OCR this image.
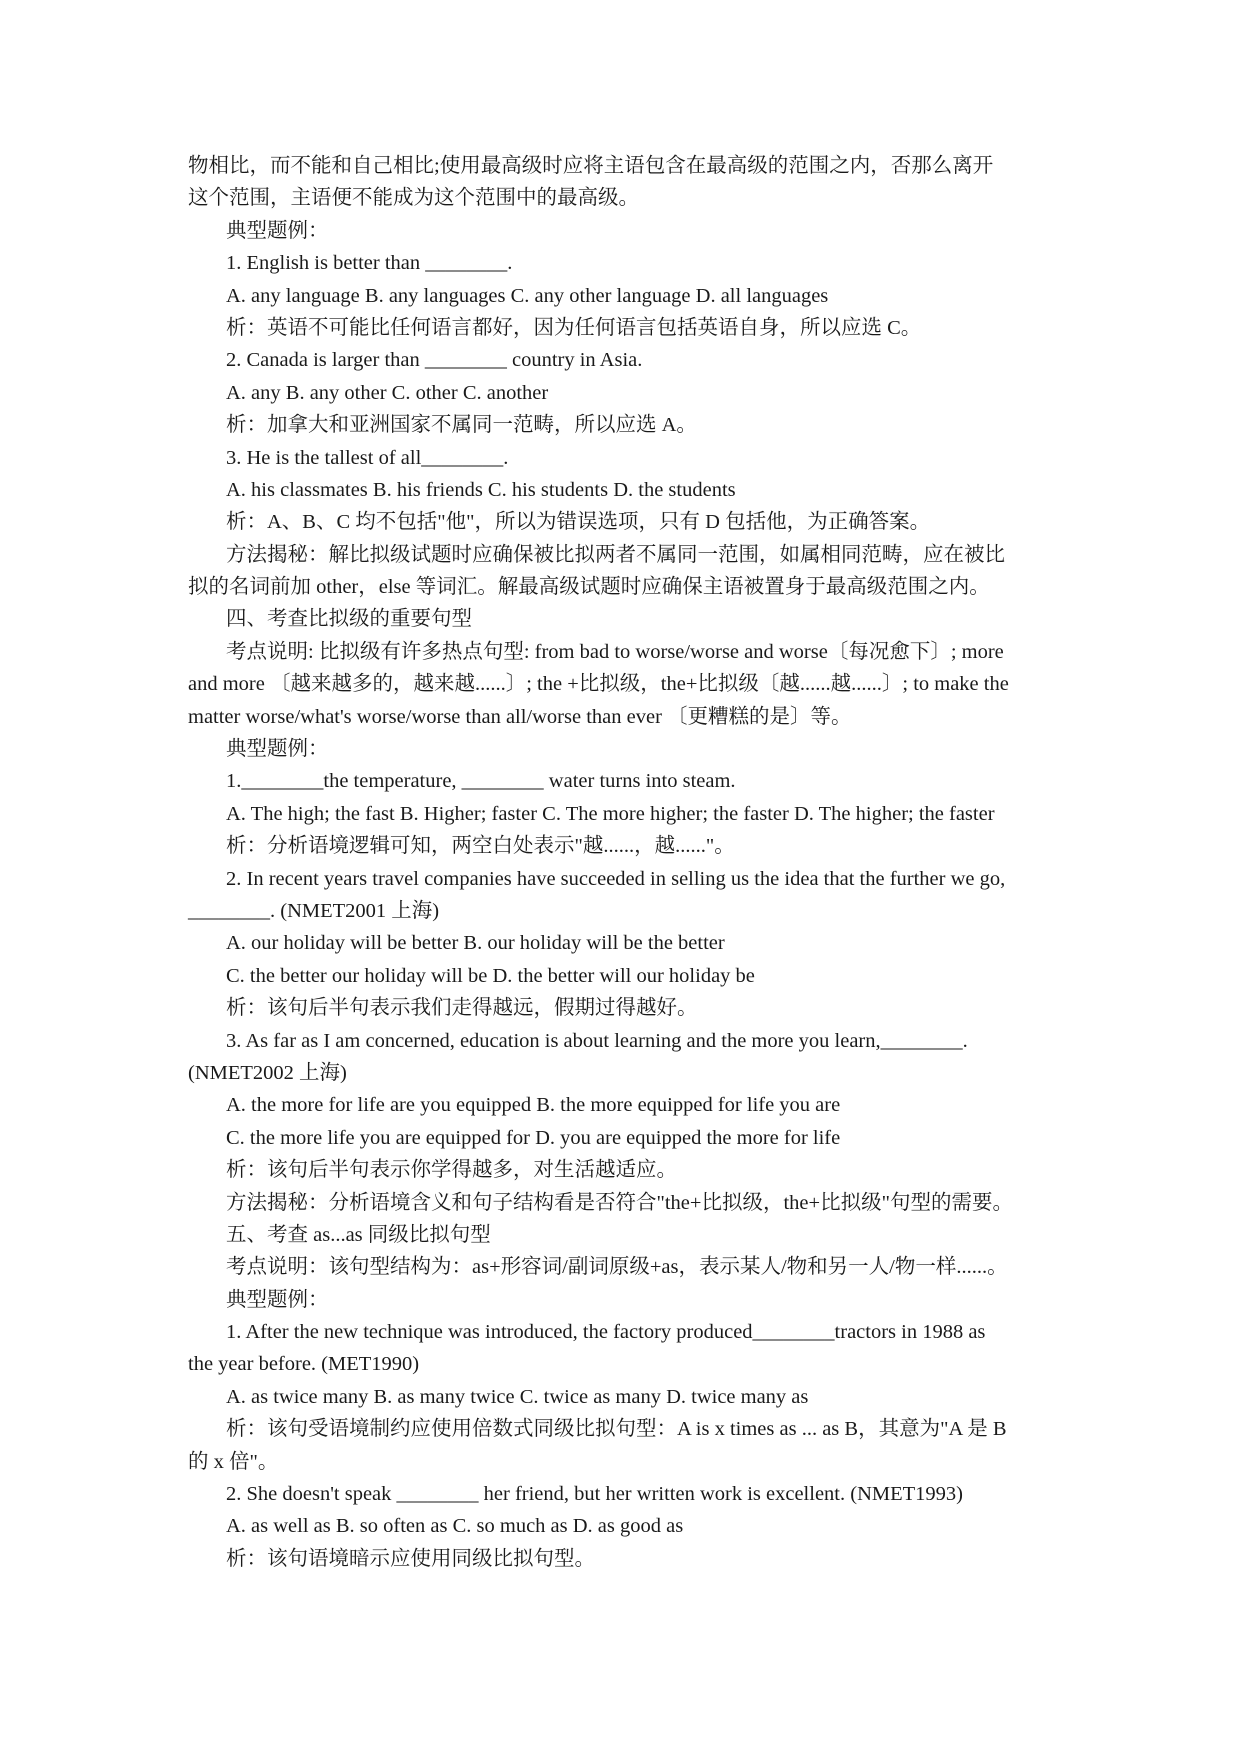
物相比，而不能和自己相比;使用最高级时应将主语包含在最高级的范围之内，否那么离开
这个范围，主语便不能成为这个范围中的最高级。
典型题例：
1. English is better than ________.
A. any language B. any languages C. any other language D. all languages
析：英语不可能比任何语言都好，因为任何语言包括英语自身，所以应选 C。
2. Canada is larger than ________ country in Asia.
A. any B. any other C. other C. another
析：加拿大和亚洲国家不属同一范畴，所以应选 A。
3. He is the tallest of all________.
A. his classmates B. his friends C. his students D. the students
析：A、B、C 均不包括"他"，所以为错误选项，只有 D 包括他，为正确答案。
方法揭秘：解比拟级试题时应确保被比拟两者不属同一范围，如属相同范畴，应在被比
拟的名词前加 other，else 等词汇。解最高级试题时应确保主语被置身于最高级范围之内。
四、考查比拟级的重要句型
考点说明: 比拟级有许多热点句型: from bad to worse/worse and worse〔每况愈下〕; more
and more 〔越来越多的，越来越......〕; the +比拟级，the+比拟级〔越......越......〕; to make the
matter worse/what's worse/worse than all/worse than ever 〔更糟糕的是〕等。
典型题例：
1.________the temperature, ________ water turns into steam.
A. The high; the fast B. Higher; faster C. The more higher; the faster D. The higher; the faster
析：分析语境逻辑可知，两空白处表示"越......，越......"。
2. In recent years travel companies have succeeded in selling us the idea that the further we go,
________. (NMET2001 上海)
A. our holiday will be better B. our holiday will be the better
C. the better our holiday will be D. the better will our holiday be
析：该句后半句表示我们走得越远，假期过得越好。
3. As far as I am concerned, education is about learning and the more you learn,________.
(NMET2002 上海)
A. the more for life are you equipped B. the more equipped for life you are
C. the more life you are equipped for D. you are equipped the more for life
析：该句后半句表示你学得越多，对生活越适应。
方法揭秘：分析语境含义和句子结构看是否符合"the+比拟级，the+比拟级"句型的需要。
五、考查 as...as 同级比拟句型
考点说明：该句型结构为：as+形容词/副词原级+as，表示某人/物和另一人/物一样......。
典型题例：
1. After the new technique was introduced, the factory produced________tractors in 1988 as
the year before. (MET1990)
A. as twice many B. as many twice C. twice as many D. twice many as
析：该句受语境制约应使用倍数式同级比拟句型：A is x times as ... as B，其意为"A 是 B
的 x 倍"。
2. She doesn't speak ________ her friend, but her written work is excellent. (NMET1993)
A. as well as B. so often as C. so much as D. as good as
析：该句语境暗示应使用同级比拟句型。
